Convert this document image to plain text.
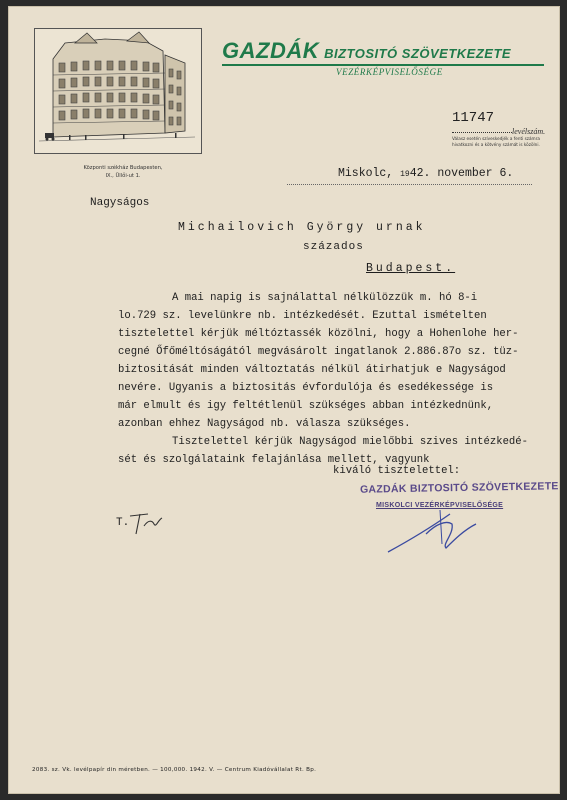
Központi székház Budapesten,
IX., Üllői-ut 1.
GAZDÁK BIZTOSITÓ SZÖVETKEZETE
VEZÉRKÉPVISELŐSÉGE
11747
levélszám.
Válasz esetén szíveskedjék a fenti számra hivatkozni és a kötvény számát is közölni.
Miskolc, 1942. november 6.
Nagyságos
Michailovich György urnak
százados
Budapest.
A mai napig is sajnálattal nélkülözzük m. hó 8-i
lo.729 sz. levelünkre nb. intézkedését. Ezuttal ismételten
tisztelettel kérjük méltóztassék közölni, hogy a Hohenlohe her-
cegné Őfőméltóságától megvásárolt ingatlanok 2.886.87o sz. tüz-
biztositását minden változtatás nélkül átirhatjuk e Nagyságod
nevére. Ugyanis a biztositás évfordulója és esedékessége is
már elmult és igy feltétlenül szükséges abban intézkednünk,
azonban ehhez Nagyságod nb. válasza szükséges.
Tisztelettel kérjük Nagyságod mielőbbi szives intézkedé-
sét és szolgálataink felajánlása mellett, vagyunk
kiváló tisztelettel:
GAZDÁK BIZTOSITÓ SZÖVETKEZETE
MISKOLCI VEZÉRKÉPVISELŐSÉGE
T.
2083. sz. Vk. levélpapír din méretben. — 100,000. 1942. V. — Centrum Kiadóvállalat Rt. Bp.
